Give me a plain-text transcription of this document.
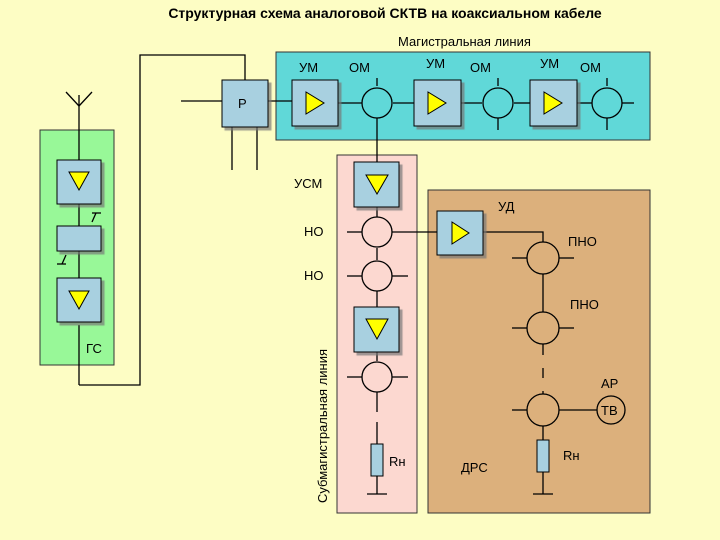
Структурная схема аналоговой СКТВ на коаксиальном кабеле
ГС
Р
Магистральная линия
УМ ОМ	УМ ОМ	УМ ОМ
УСМ
НО
НО
Rн
Субмагистральная линия
УД
ПНО
ПНО
АР
ТВ
Rн
ДРС
